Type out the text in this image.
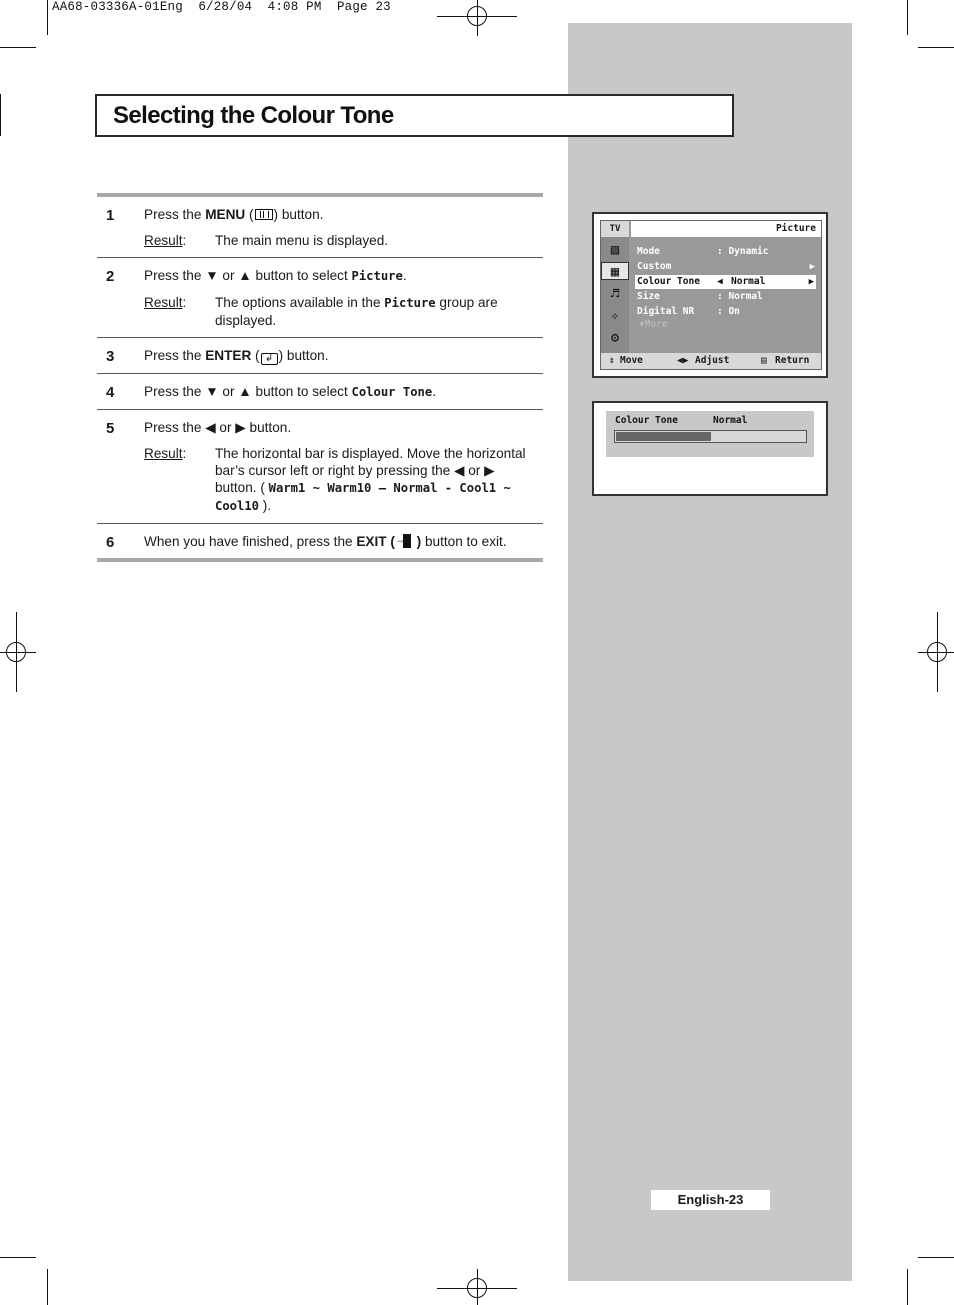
AA68-03336A-01Eng  6/28/04  4:08 PM  Page 23
Selecting the Colour Tone
1 Press the MENU ( ) button.
Result:	The main menu is displayed.
2 Press the ▼ or ▲ button to select Picture.
Result:	The options available in the Picture group are displayed.
3 Press the ENTER ( ↲ ) button.
4 Press the ▼ or ▲ button to select Colour Tone.
5 Press the ◀ or ▶ button.
Result:	The horizontal bar is displayed. Move the horizontal bar’s cursor left or right by pressing the ◀ or ▶ button. ( Warm1 ~ Warm10 – Normal - Cool1 ~ Cool10 ).
6 When you have finished, press the EXIT (→ ) button to exit.
TV
▧
▦
♬
✧
⚙
Picture
Mode	: Dynamic
Custom	▶
Colour Tone ◀ Normal	▶
Size	: Normal
Digital NR : On
▼More
⇕ Move	◀▶ Adjust	▤ Return
Colour Tone	Normal
English-23
